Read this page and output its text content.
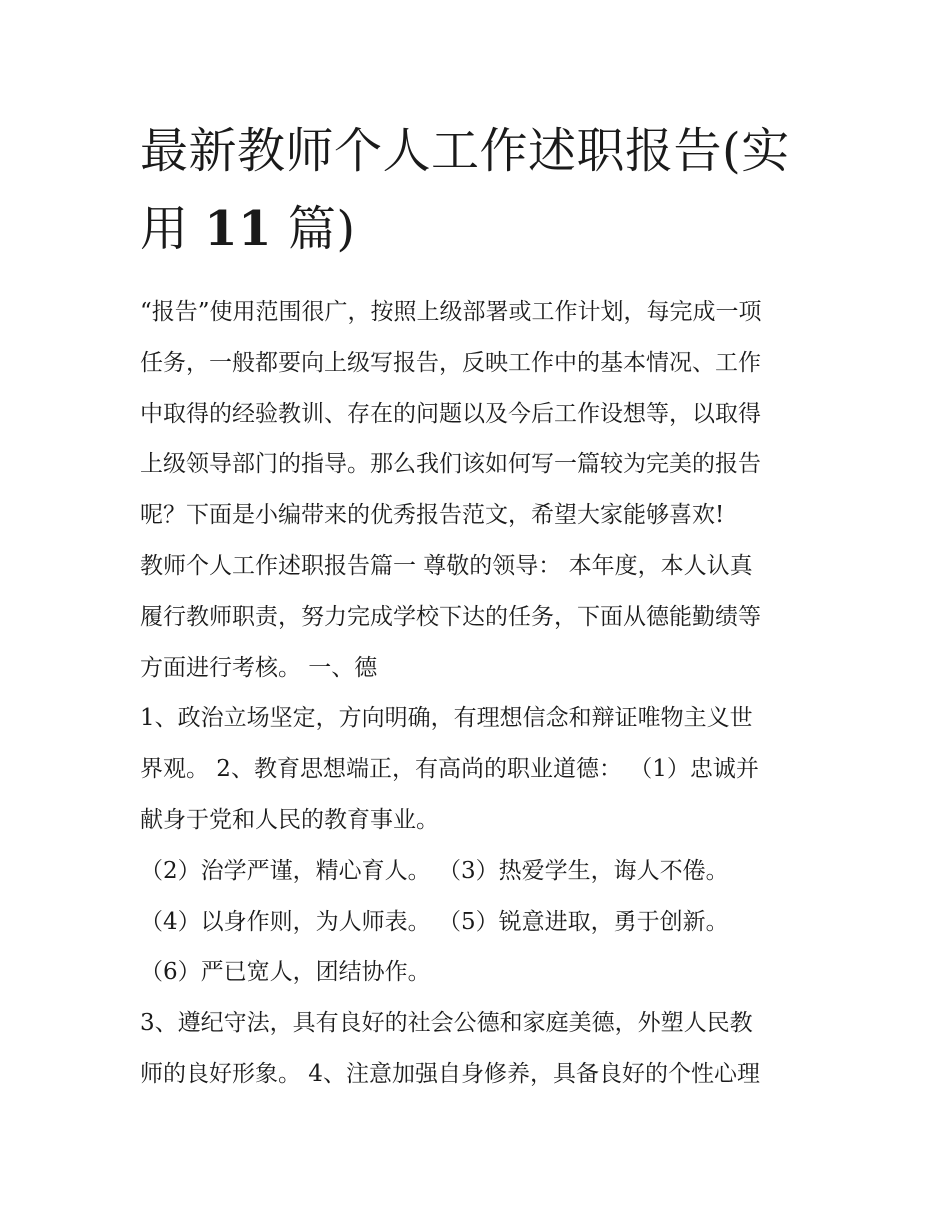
最新教师个人工作述职报告(实
用 11 篇)
“报告”使用范围很广，按照上级部署或工作计划，每完成一项
任务，一般都要向上级写报告，反映工作中的基本情况、工作
中取得的经验教训、存在的问题以及今后工作设想等，以取得
上级领导部门的指导。那么我们该如何写一篇较为完美的报告
呢？下面是小编带来的优秀报告范文，希望大家能够喜欢!
教师个人工作述职报告篇一 尊敬的领导： 本年度，本人认真
履行教师职责，努力完成学校下达的任务，下面从德能勤绩等
方面进行考核。 一、德
1、政治立场坚定，方向明确，有理想信念和辩证唯物主义世
界观。 2、教育思想端正，有高尚的职业道德： （1）忠诚并
献身于党和人民的教育事业。
（2）治学严谨，精心育人。 （3）热爱学生，诲人不倦。
（4）以身作则，为人师表。 （5）锐意进取，勇于创新。
（6）严已宽人，团结协作。
3、遵纪守法，具有良好的社会公德和家庭美德，外塑人民教
师的良好形象。 4、注意加强自身修养，具备良好的个性心理
